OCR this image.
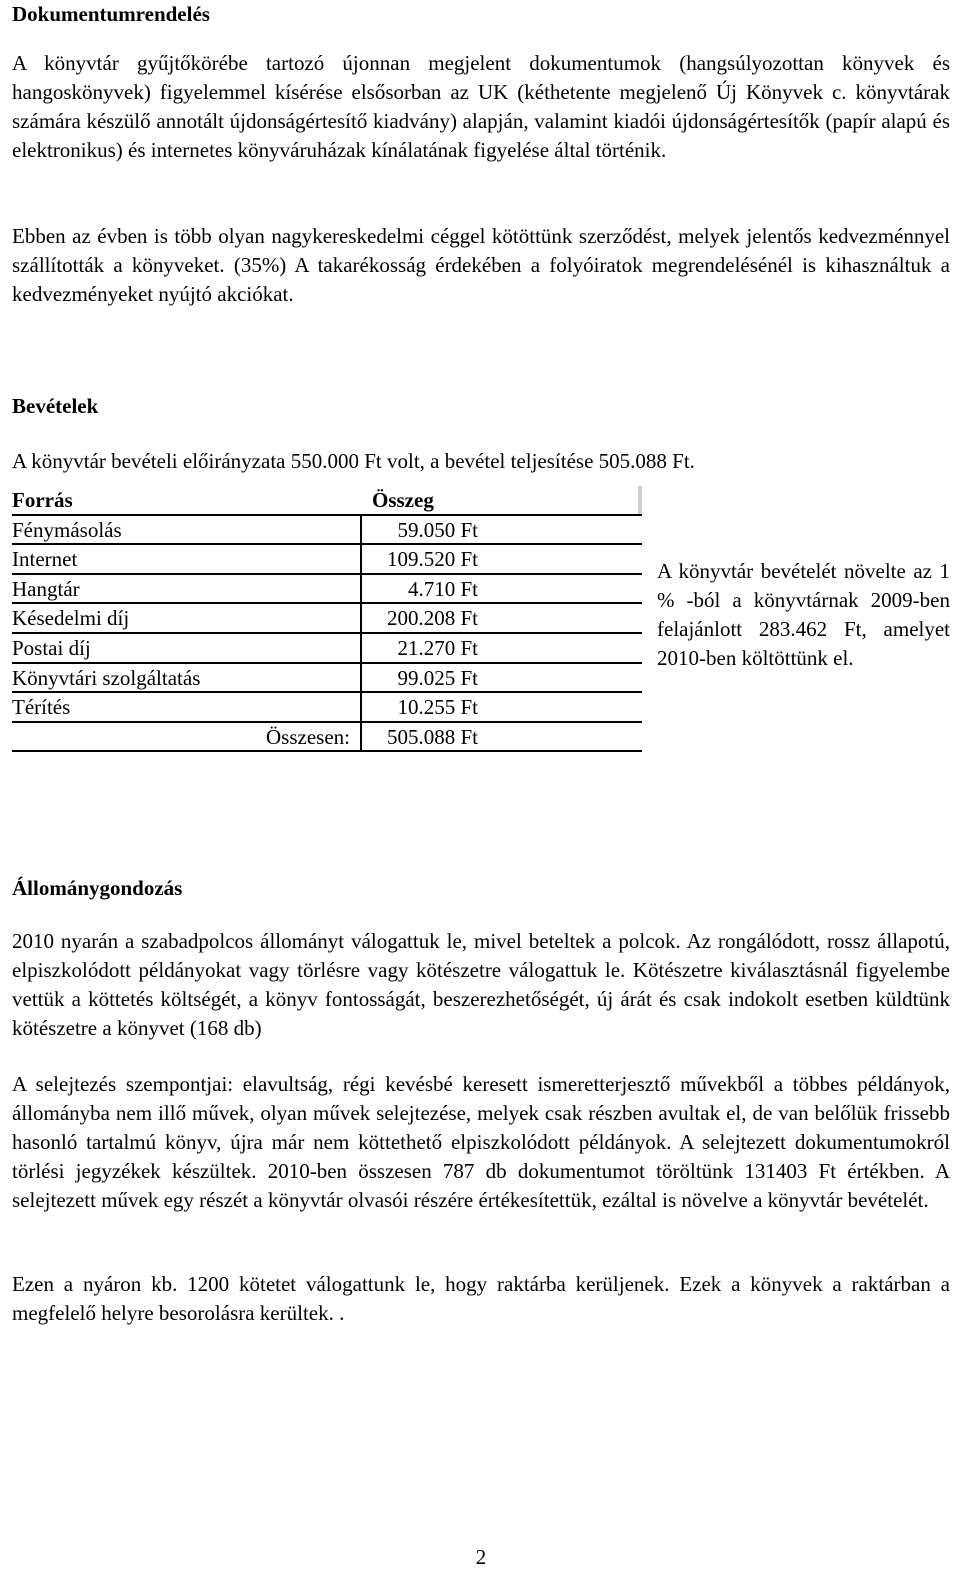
Dokumentumrendelés

A könyvtár gyűjtőkörébe tartozó újonnan megjelent dokumentumok (hangsúlyozottan könyvek és hangoskönyvek) figyelemmel kísérése elsősorban az UK (kéthetente megjelenő Új Könyvek c. könyvtárak számára készülő annotált újdonságértesítő kiadvány) alapján, valamint kiadói újdonságértesítők (papír alapú és elektronikus) és internetes könyváruházak kínálatának figyelése által történik.

Ebben az évben is több olyan nagykereskedelmi céggel kötöttünk szerződést, melyek jelentős kedvezménnyel szállították a könyveket. (35%) A takarékosság érdekében a folyóiratok megrendelésénél is kihasználtuk a kedvezményeket nyújtó akciókat.

Bevételek

A könyvtár bevételi előirányzata 550.000 Ft volt, a bevétel teljesítése 505.088 Ft.

Forrás	Összeg
Fénymásolás	59.050 Ft
Internet	109.520 Ft
Hangtár	4.710 Ft
Késedelmi díj	200.208 Ft
Postai díj	21.270 Ft
Könyvtári szolgáltatás	99.025 Ft
Térítés	10.255 Ft
Összesen:	505.088 Ft

A könyvtár bevételét növelte az 1 % -ból a könyvtárnak 2009-ben felajánlott 283.462 Ft, amelyet 2010-ben költöttünk el.

Állománygondozás

2010 nyarán a szabadpolcos állományt válogattuk le, mivel beteltek a polcok. Az rongálódott, rossz állapotú, elpiszkolódott példányokat vagy törlésre vagy kötészetre válogattuk le. Kötészetre kiválasztásnál figyelembe vettük a köttetés költségét, a könyv fontosságát, beszerezhetőségét, új árát és csak indokolt esetben küldtünk kötészetre a könyvet (168 db)

A selejtezés szempontjai: elavultság, régi kevésbé keresett ismeretterjesztő művekből a többes példányok, állományba nem illő művek, olyan művek selejtezése, melyek csak részben avultak el, de van belőlük frissebb hasonló tartalmú könyv, újra már nem köttethető elpiszkolódott példányok. A selejtezett dokumentumokról törlési jegyzékek készültek. 2010-ben összesen 787 db dokumentumot töröltünk 131403 Ft értékben. A selejtezett művek egy részét a könyvtár olvasói részére értékesítettük, ezáltal is növelve a könyvtár bevételét.

Ezen a nyáron kb. 1200 kötetet válogattunk le, hogy raktárba kerüljenek. Ezek a könyvek a raktárban a megfelelő helyre besorolásra kerültek. .

2
